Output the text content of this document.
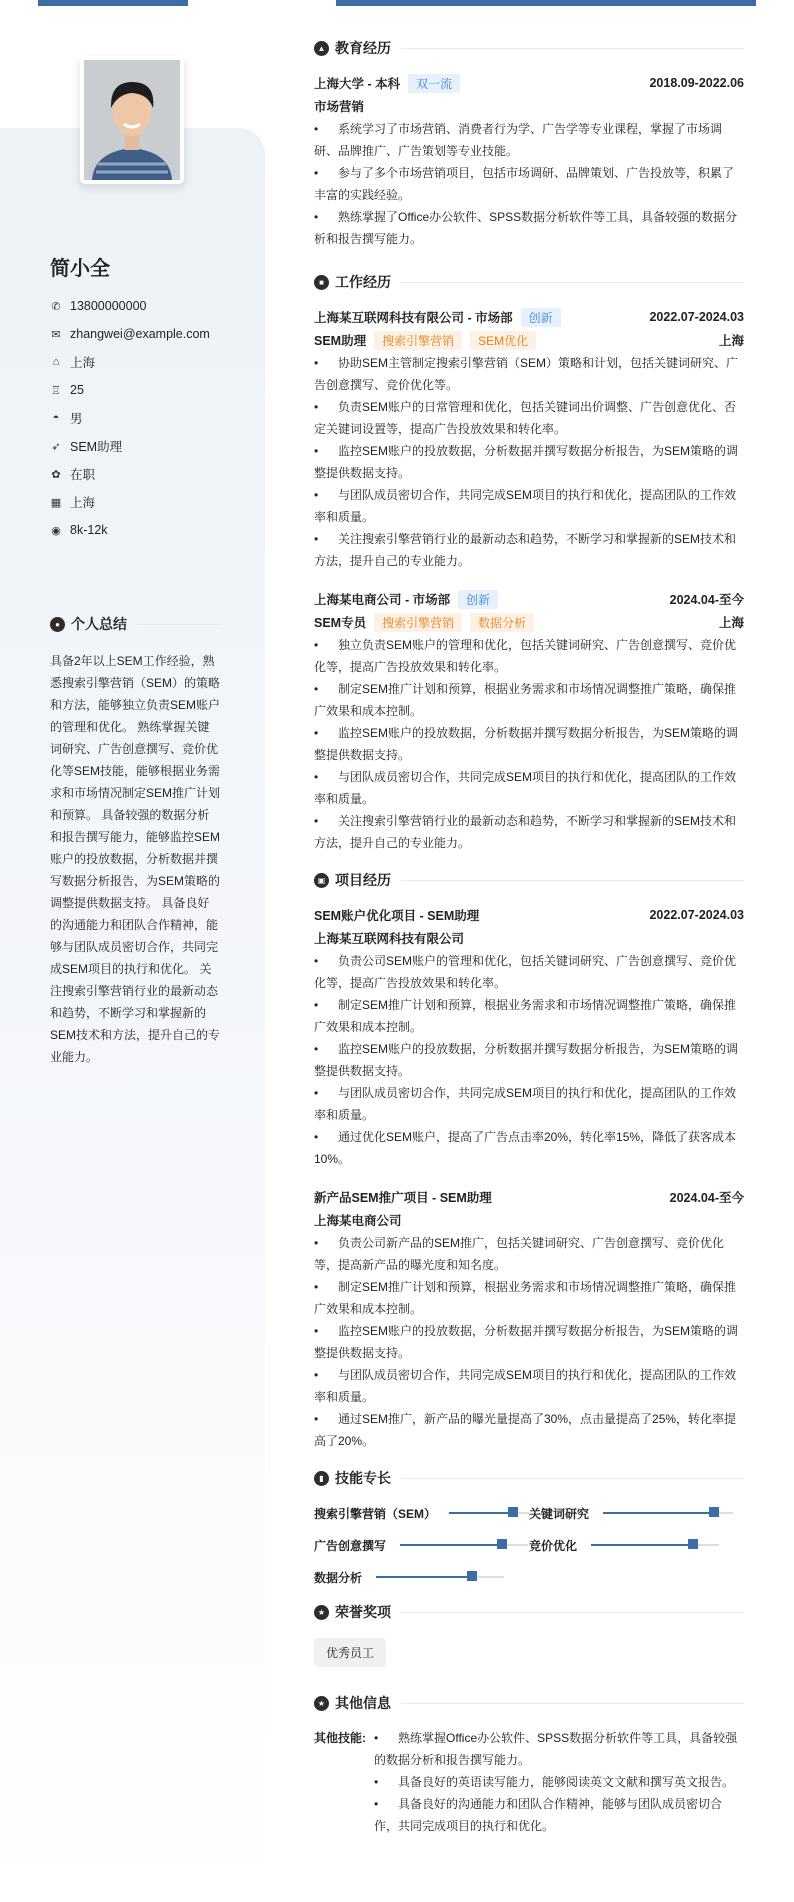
简小全
✆ 13800000000
✉ zhangwei@example.com
⌂ 上海
♖ 25
◓ 男
➶ SEM助理
✿ 在职
▦ 上海
◉ 8k-12k
● 个人总结
具备2年以上SEM工作经验，熟悉搜索引擎营销（SEM）的策略和方法，能够独立负责SEM账户的管理和优化。 熟练掌握关键词研究、广告创意撰写、竞价优化等SEM技能，能够根据业务需求和市场情况制定SEM推广计划和预算。 具备较强的数据分析和报告撰写能力，能够监控SEM账户的投放数据，分析数据并撰写数据分析报告，为SEM策略的调整提供数据支持。 具备良好的沟通能力和团队合作精神，能够与团队成员密切合作，共同完成SEM项目的执行和优化。 关注搜索引擎营销行业的最新动态和趋势，不断学习和掌握新的SEM技术和方法，提升自己的专业能力。
▲ 教育经历
上海大学 - 本科 双一流	2018.09-2022.06
市场营销
• 系统学习了市场营销、消费者行为学、广告学等专业课程，掌握了市场调研、品牌推广、广告策划等专业技能。
• 参与了多个市场营销项目，包括市场调研、品牌策划、广告投放等，积累了丰富的实践经验。
• 熟练掌握了Office办公软件、SPSS数据分析软件等工具，具备较强的数据分析和报告撰写能力。
■ 工作经历
上海某互联网科技有限公司 - 市场部 创新	2022.07-2024.03
SEM助理 搜索引擎营销 SEM优化	上海
• 协助SEM主管制定搜索引擎营销（SEM）策略和计划，包括关键词研究、广告创意撰写、竞价优化等。
• 负责SEM账户的日常管理和优化，包括关键词出价调整、广告创意优化、否定关键词设置等，提高广告投放效果和转化率。
• 监控SEM账户的投放数据，分析数据并撰写数据分析报告，为SEM策略的调整提供数据支持。
• 与团队成员密切合作，共同完成SEM项目的执行和优化，提高团队的工作效率和质量。
• 关注搜索引擎营销行业的最新动态和趋势，不断学习和掌握新的SEM技术和方法，提升自己的专业能力。
上海某电商公司 - 市场部 创新	2024.04-至今
SEM专员 搜索引擎营销 数据分析	上海
• 独立负责SEM账户的管理和优化，包括关键词研究、广告创意撰写、竞价优化等，提高广告投放效果和转化率。
• 制定SEM推广计划和预算，根据业务需求和市场情况调整推广策略，确保推广效果和成本控制。
• 监控SEM账户的投放数据，分析数据并撰写数据分析报告，为SEM策略的调整提供数据支持。
• 与团队成员密切合作，共同完成SEM项目的执行和优化，提高团队的工作效率和质量。
• 关注搜索引擎营销行业的最新动态和趋势，不断学习和掌握新的SEM技术和方法，提升自己的专业能力。
▣ 项目经历
SEM账户优化项目 - SEM助理	2022.07-2024.03
上海某互联网科技有限公司
• 负责公司SEM账户的管理和优化，包括关键词研究、广告创意撰写、竞价优化等，提高广告投放效果和转化率。
• 制定SEM推广计划和预算，根据业务需求和市场情况调整推广策略，确保推广效果和成本控制。
• 监控SEM账户的投放数据，分析数据并撰写数据分析报告，为SEM策略的调整提供数据支持。
• 与团队成员密切合作，共同完成SEM项目的执行和优化，提高团队的工作效率和质量。
• 通过优化SEM账户，提高了广告点击率20%，转化率15%，降低了获客成本10%。
新产品SEM推广项目 - SEM助理	2024.04-至今
上海某电商公司
• 负责公司新产品的SEM推广，包括关键词研究、广告创意撰写、竞价优化等，提高新产品的曝光度和知名度。
• 制定SEM推广计划和预算，根据业务需求和市场情况调整推广策略，确保推广效果和成本控制。
• 监控SEM账户的投放数据，分析数据并撰写数据分析报告，为SEM策略的调整提供数据支持。
• 与团队成员密切合作，共同完成SEM项目的执行和优化，提高团队的工作效率和质量。
• 通过SEM推广，新产品的曝光量提高了30%，点击量提高了25%，转化率提高了20%。
▮ 技能专长
搜索引擎营销（SEM）	关键词研究
广告创意撰写	竞价优化
数据分析
★ 荣誉奖项
优秀员工
★ 其他信息
其他技能: • 熟练掌握Office办公软件、SPSS数据分析软件等工具，具备较强的数据分析和报告撰写能力。
• 具备良好的英语读写能力，能够阅读英文文献和撰写英文报告。
• 具备良好的沟通能力和团队合作精神，能够与团队成员密切合作，共同完成项目的执行和优化。
